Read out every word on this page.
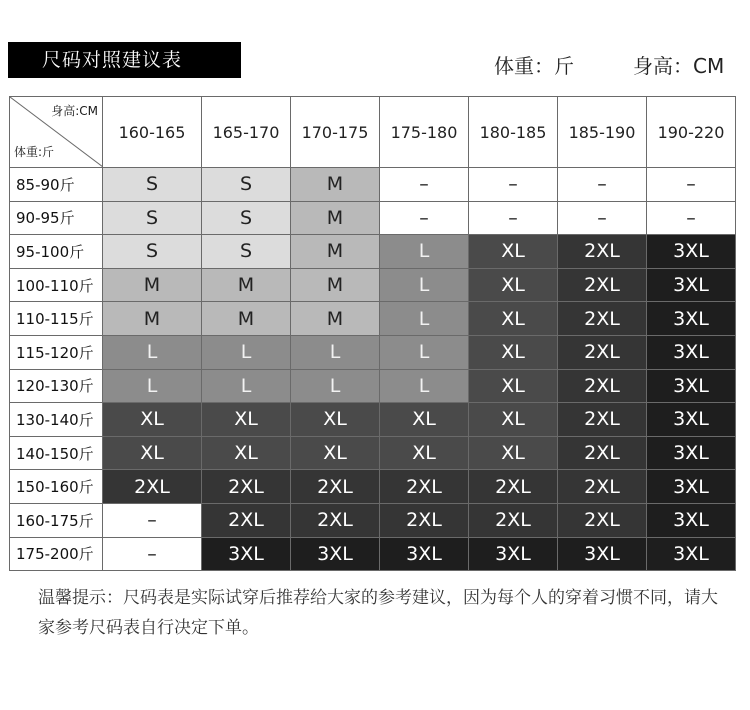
尺码对照建议表	体重：斤	身高：CM
身高:CM
体重:斤	160-165	165-170	170-175	175-180	180-185	185-190	190-220
85-90斤	S	S	M	–	–	–	–
90-95斤	S	S	M	–	–	–	–
95-100斤	S	S	M	L	XL	2XL	3XL
100-110斤	M	M	M	L	XL	2XL	3XL
110-115斤	M	M	M	L	XL	2XL	3XL
115-120斤	L	L	L	L	XL	2XL	3XL
120-130斤	L	L	L	L	XL	2XL	3XL
130-140斤	XL	XL	XL	XL	XL	2XL	3XL
140-150斤	XL	XL	XL	XL	XL	2XL	3XL
150-160斤	2XL	2XL	2XL	2XL	2XL	2XL	3XL
160-175斤	–	2XL	2XL	2XL	2XL	2XL	3XL
175-200斤	–	3XL	3XL	3XL	3XL	3XL	3XL
温馨提示：尺码表是实际试穿后推荐给大家的参考建议，因为每个人的穿着习惯不同，请大家参考尺码表自行决定下单。
